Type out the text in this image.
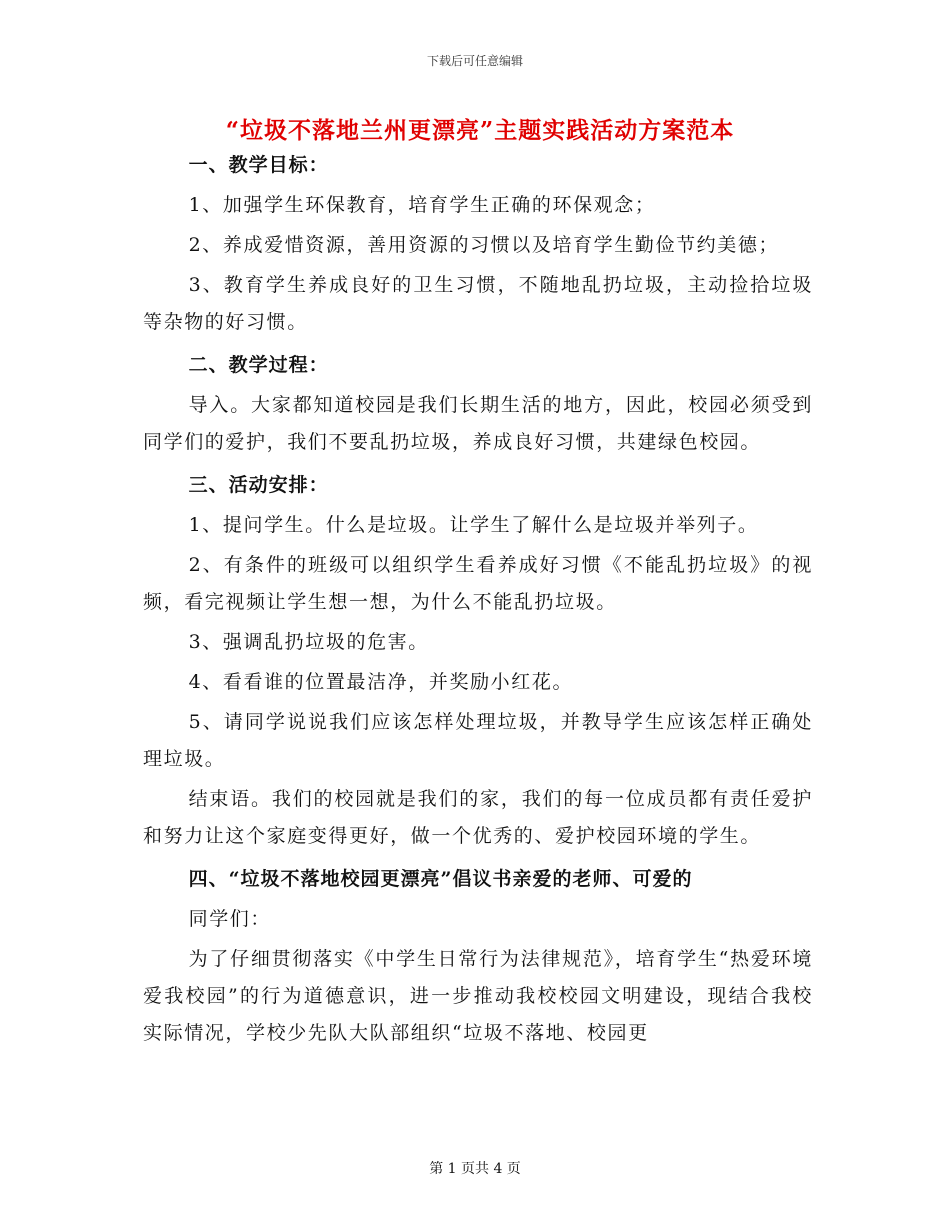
下载后可任意编辑
“垃圾不落地兰州更漂亮”主题实践活动方案范本

一、教学目标：

1、加强学生环保教育，培育学生正确的环保观念；

2、养成爱惜资源，善用资源的习惯以及培育学生勤俭节约美德；

3、教育学生养成良好的卫生习惯，不随地乱扔垃圾，主动捡拾垃圾等杂物的好习惯。

二、教学过程：

导入。大家都知道校园是我们长期生活的地方，因此，校园必须受到同学们的爱护，我们不要乱扔垃圾，养成良好习惯，共建绿色校园。

三、活动安排：

1、提问学生。什么是垃圾。让学生了解什么是垃圾并举列子。

2、有条件的班级可以组织学生看养成好习惯《不能乱扔垃圾》的视频，看完视频让学生想一想，为什么不能乱扔垃圾。

3、强调乱扔垃圾的危害。

4、看看谁的位置最洁净，并奖励小红花。

5、请同学说说我们应该怎样处理垃圾，并教导学生应该怎样正确处理垃圾。

结束语。我们的校园就是我们的家，我们的每一位成员都有责任爱护和努力让这个家庭变得更好，做一个优秀的、爱护校园环境的学生。

四、“垃圾不落地校园更漂亮”倡议书亲爱的老师、可爱的

同学们：

为了仔细贯彻落实《中学生日常行为法律规范》，培育学生“热爱环境爱我校园”的行为道德意识，进一步推动我校校园文明建设，现结合我校实际情况，学校少先队大队部组织“垃圾不落地、校园更

第 1 页共 4 页
